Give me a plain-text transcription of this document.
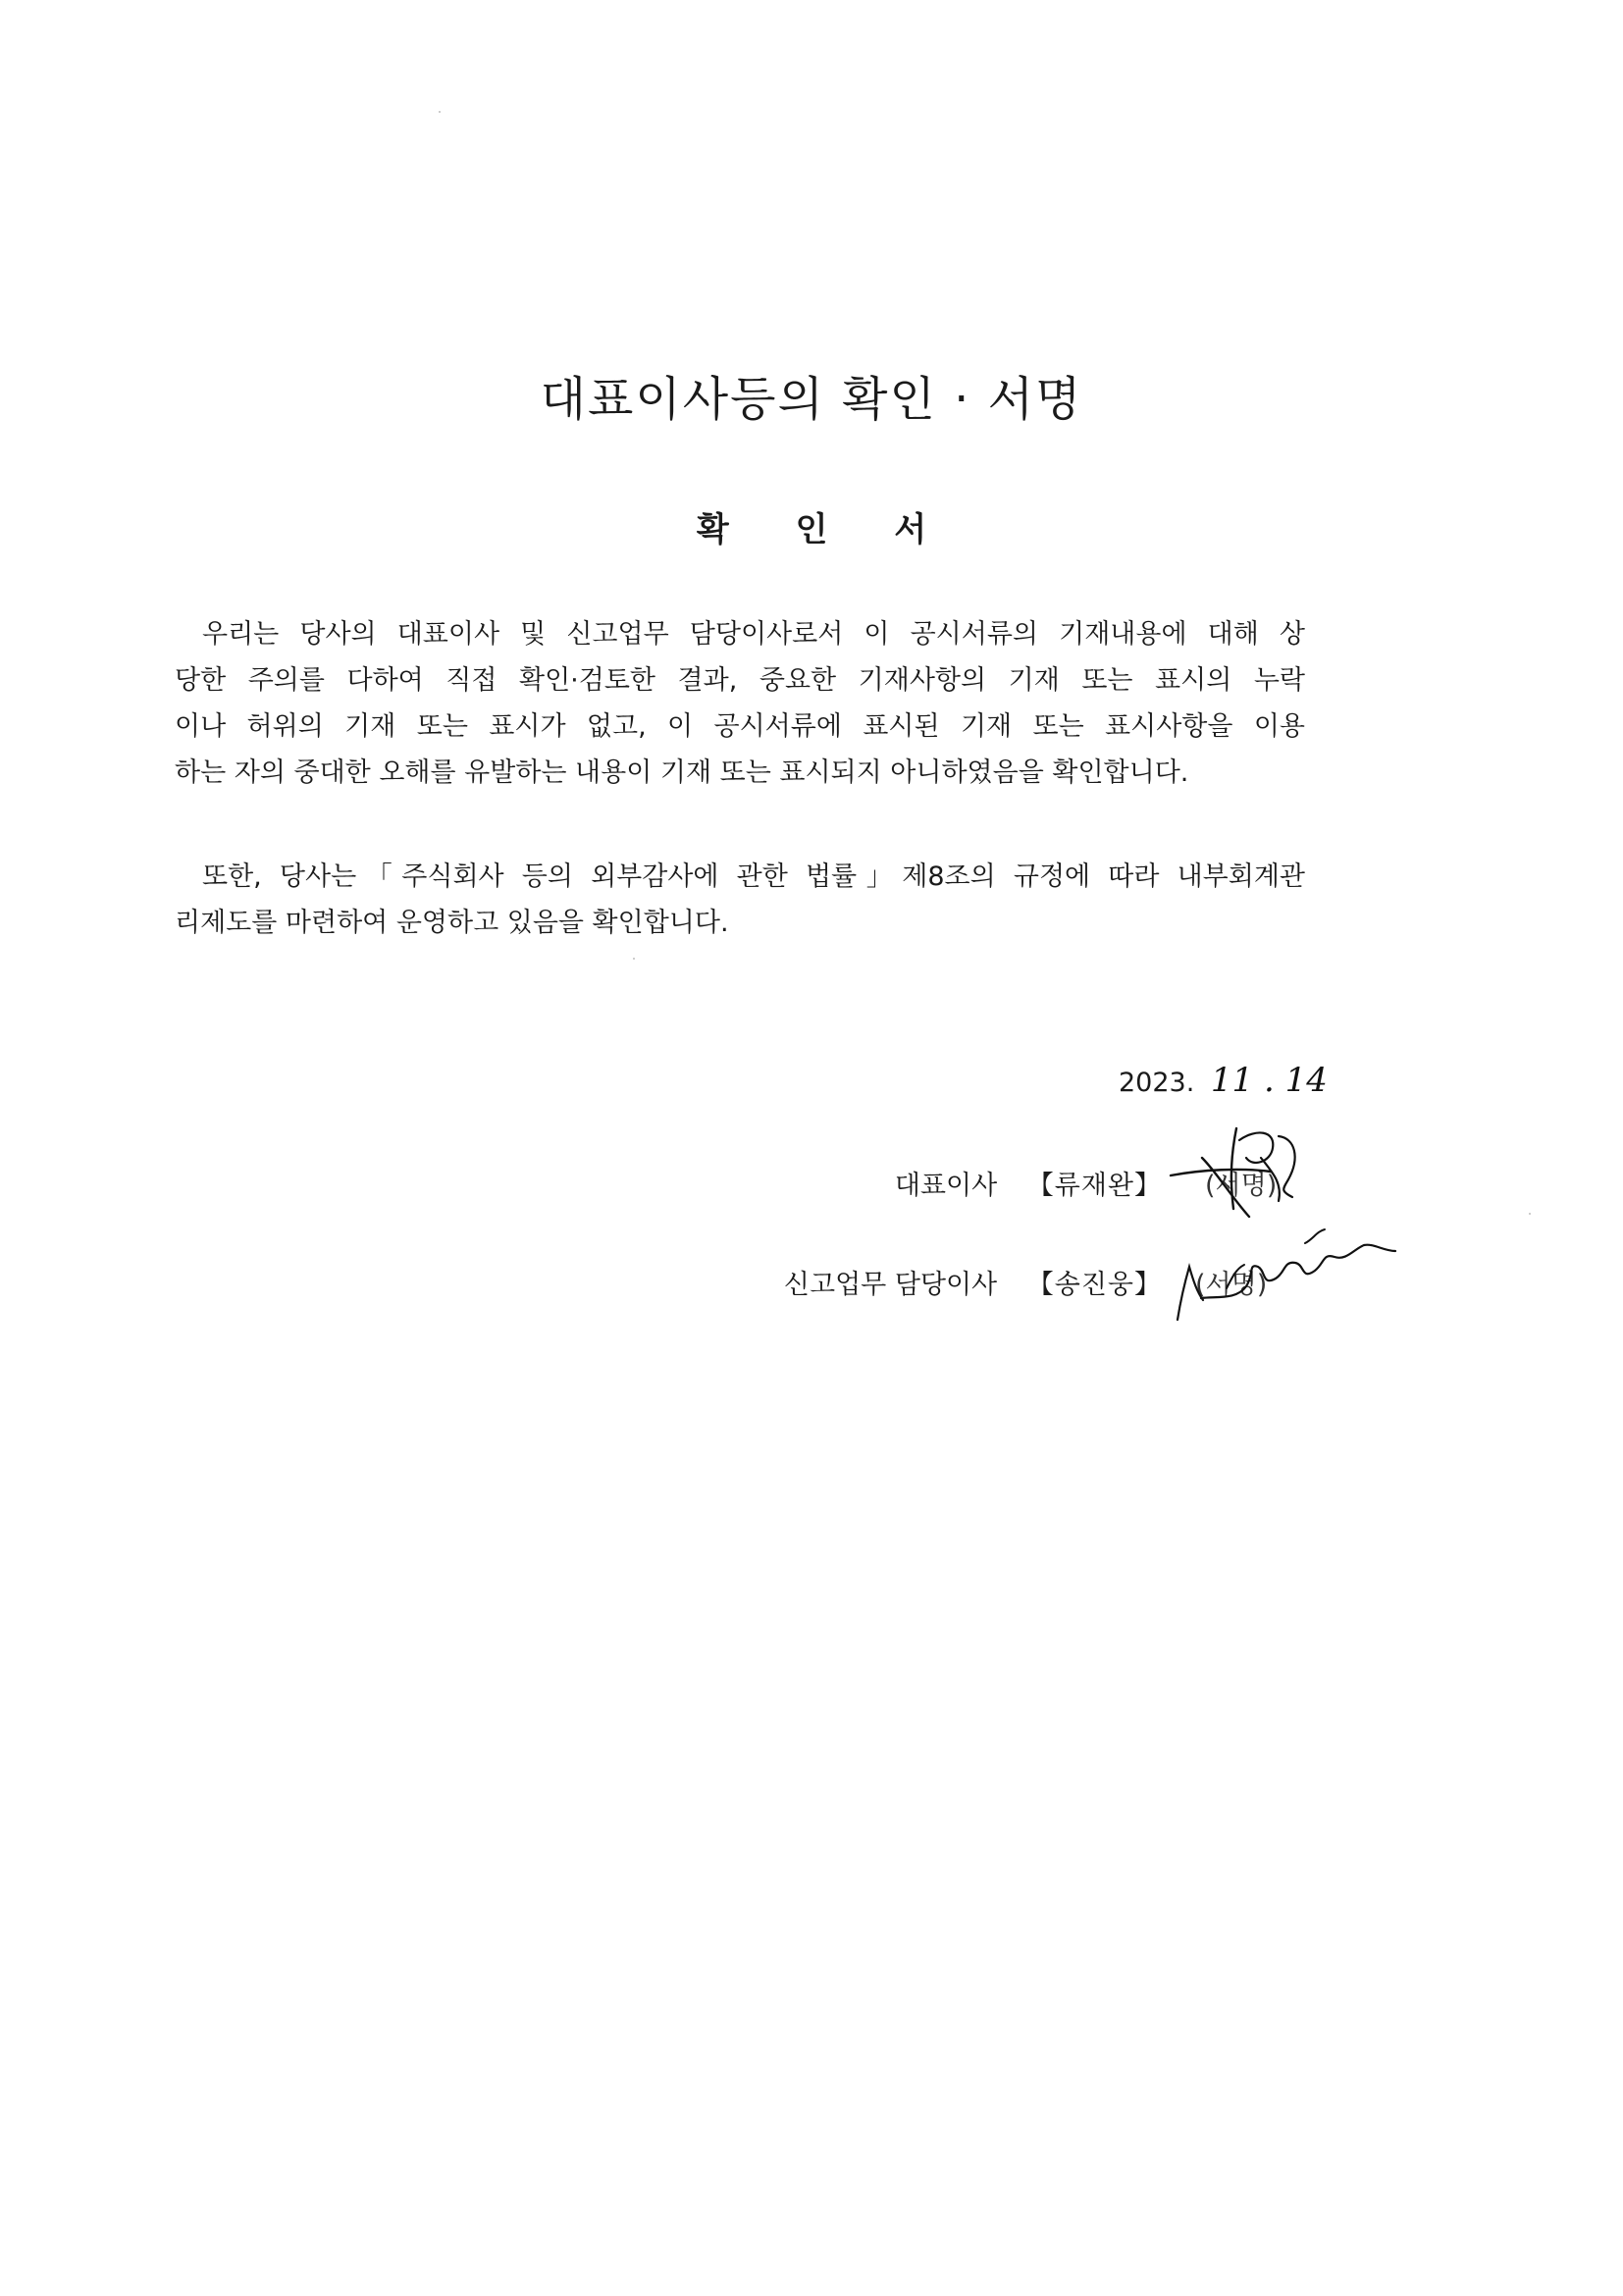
대표이사등의 확인 · 서명
확 인 서

우리는 당사의 대표이사 및 신고업무 담당이사로서 이 공시서류의 기재내용에 대해 상
당한 주의를 다하여 직접 확인·검토한 결과, 중요한 기재사항의 기재 또는 표시의 누락
이나 허위의 기재 또는 표시가 없고, 이 공시서류에 표시된 기재 또는 표시사항을 이용
하는 자의 중대한 오해를 유발하는 내용이 기재 또는 표시되지 아니하였음을 확인합니다.

또한, 당사는「주식회사 등의 외부감사에 관한 법률」제8조의 규정에 따라 내부회계관
리제도를 마련하여 운영하고 있음을 확인합니다.

2023. 11 . 14
대표이사 【류재완】 (서명)
신고업무 담당이사 【송진웅】 (서명)
